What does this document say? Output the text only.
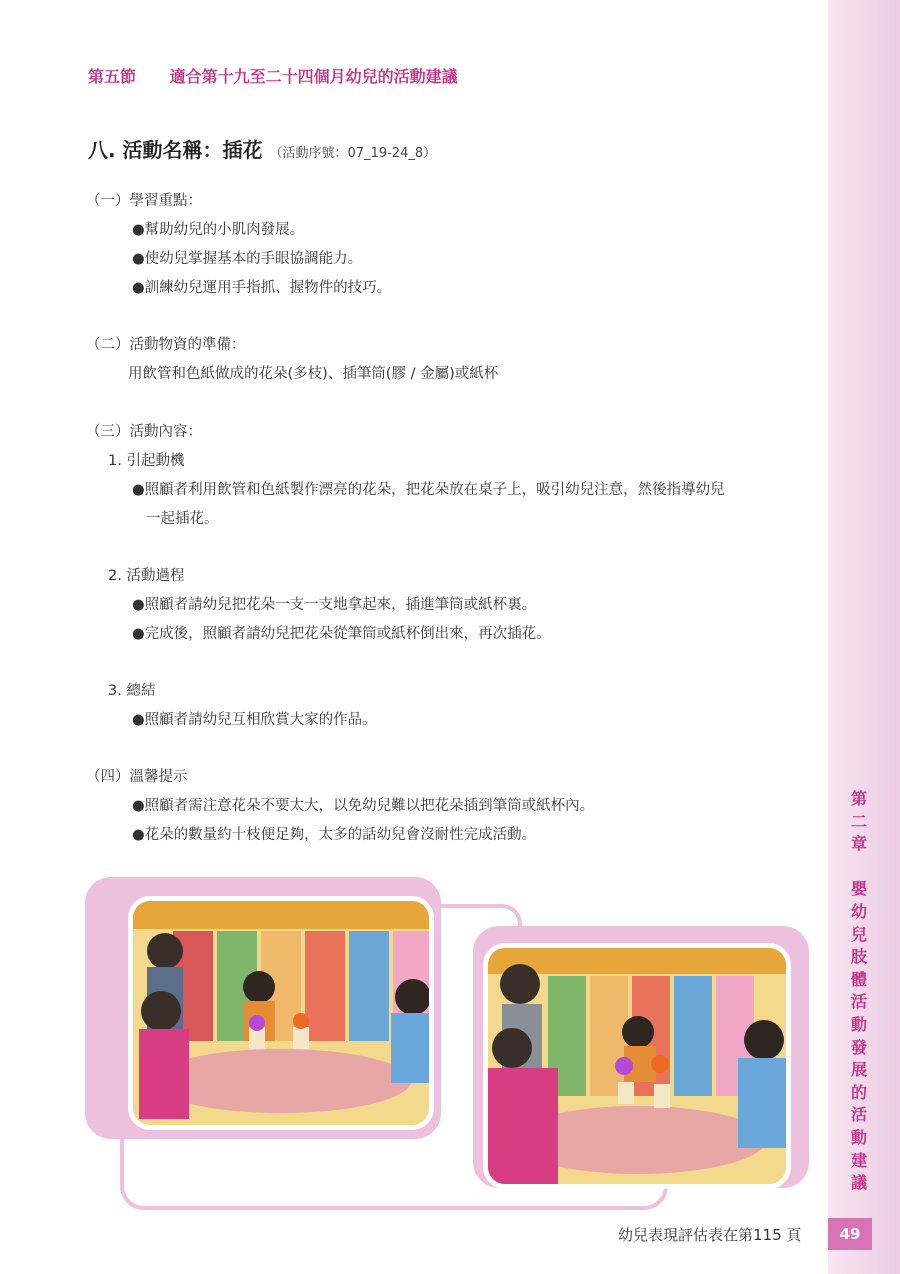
第
二
章

嬰
幼
兒
肢
體
活
動
發
展
的
活
動
建
議
第五節 適合第十九至二十四個月幼兒的活動建議
八. 活動名稱：插花 （活動序號：07_19-24_8）
（一）學習重點：
●幫助幼兒的小肌肉發展。
●使幼兒掌握基本的手眼協調能力。
●訓練幼兒運用手指抓、握物件的技巧。
（二）活動物資的準備：
用飲管和色紙做成的花朵(多枝)、插筆筒(膠 / 金屬)或紙杯
（三）活動內容：
1. 引起動機
●照顧者利用飲管和色紙製作漂亮的花朵，把花朵放在桌子上，吸引幼兒注意，然後指導幼兒
一起插花。
2. 活動過程
●照顧者請幼兒把花朵一支一支地拿起來，插進筆筒或紙杯裏。
●完成後，照顧者請幼兒把花朵從筆筒或紙杯倒出來，再次插花。
3. 總結
●照顧者請幼兒互相欣賞大家的作品。
（四）溫馨提示
●照顧者需注意花朵不要太大，以免幼兒難以把花朵插到筆筒或紙杯內。
●花朵的數量約十枝便足夠，太多的話幼兒會沒耐性完成活動。
幼兒表現評估表在第115 頁	49
